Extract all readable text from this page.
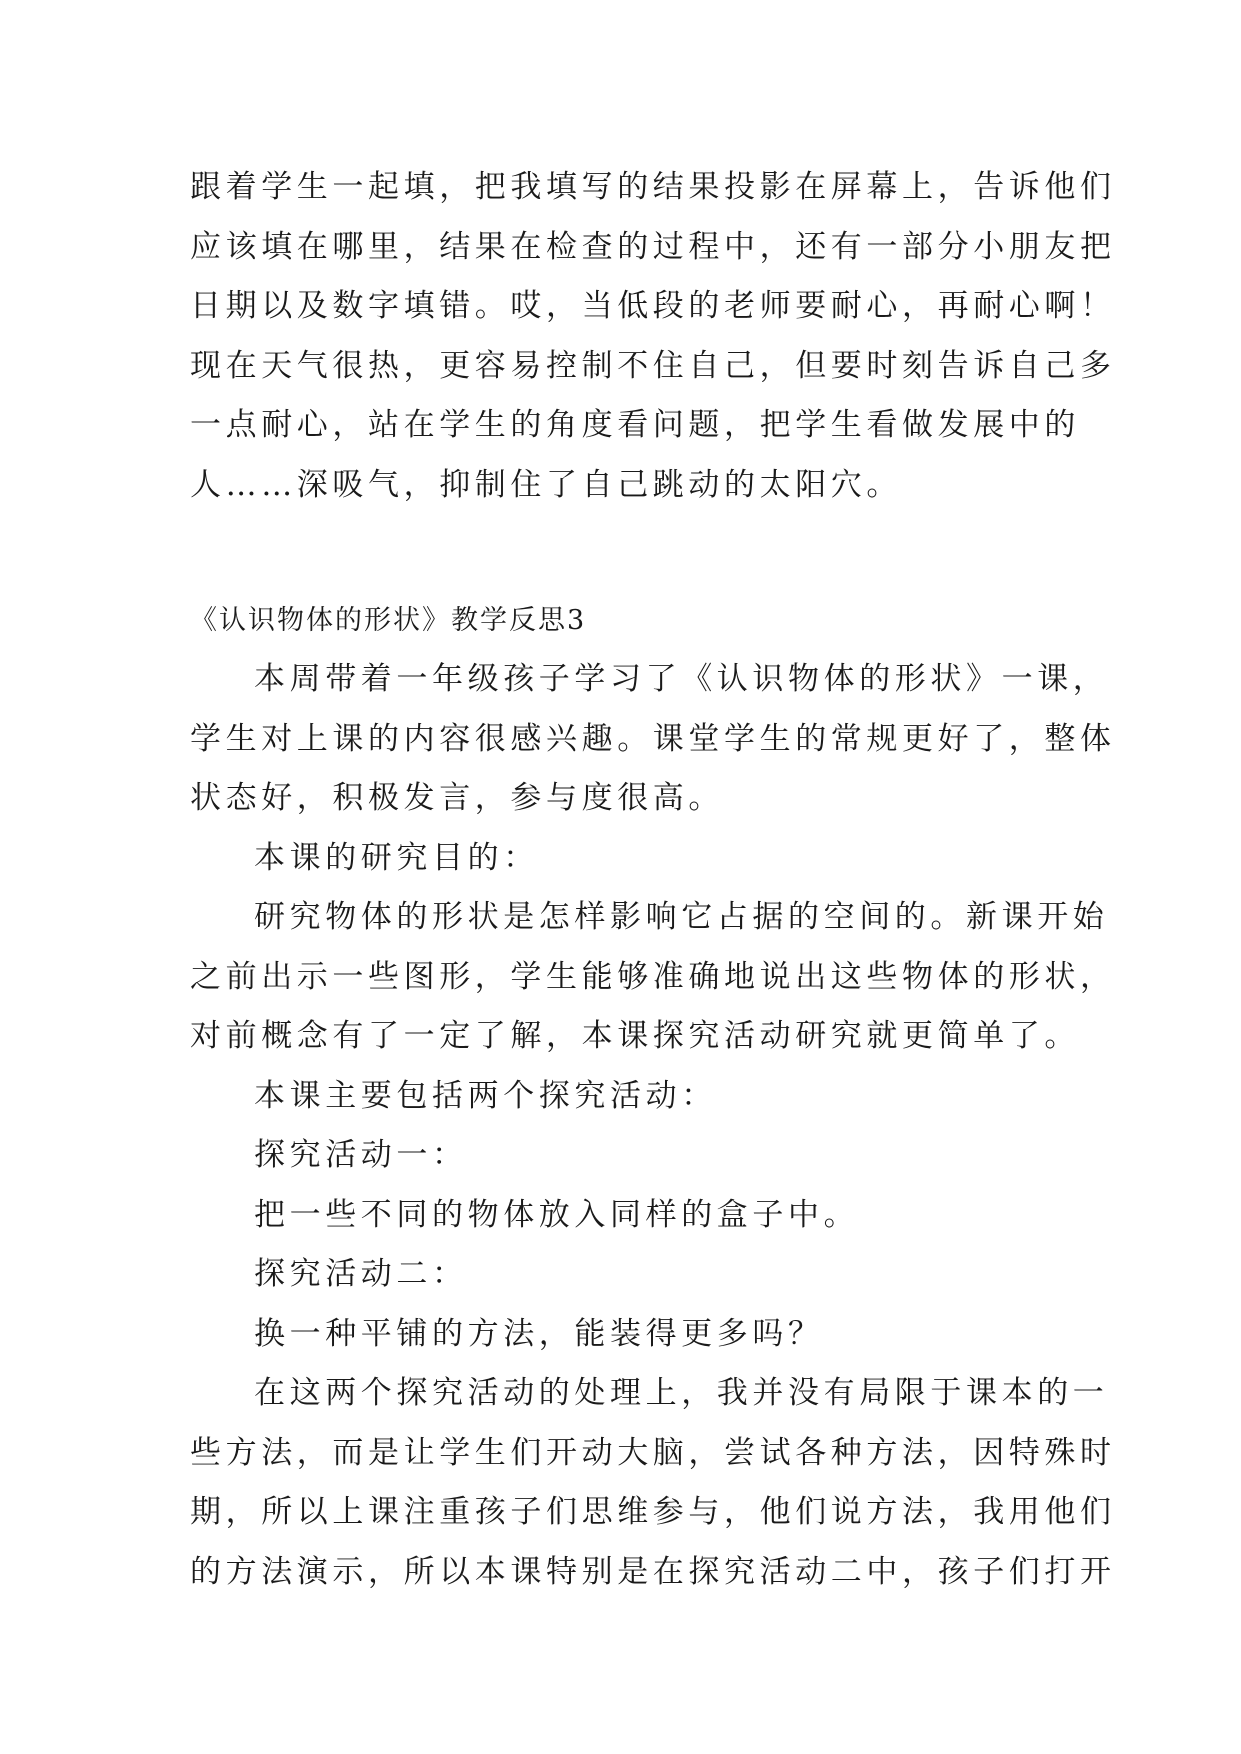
跟着学生一起填，把我填写的结果投影在屏幕上，告诉他们

应该填在哪里，结果在检查的过程中，还有一部分小朋友把

日期以及数字填错。哎，当低段的老师要耐心，再耐心啊！

现在天气很热，更容易控制不住自己，但要时刻告诉自己多

一点耐心，站在学生的角度看问题，把学生看做发展中的

人……深吸气，抑制住了自己跳动的太阳穴。

《认识物体的形状》教学反思3

本周带着一年级孩子学习了《认识物体的形状》一课，

学生对上课的内容很感兴趣。课堂学生的常规更好了，整体

状态好，积极发言，参与度很高。

本课的研究目的：

研究物体的形状是怎样影响它占据的空间的。新课开始

之前出示一些图形，学生能够准确地说出这些物体的形状，

对前概念有了一定了解，本课探究活动研究就更简单了。

本课主要包括两个探究活动：

探究活动一：

把一些不同的物体放入同样的盒子中。

探究活动二：

换一种平铺的方法，能装得更多吗？

在这两个探究活动的处理上，我并没有局限于课本的一

些方法，而是让学生们开动大脑，尝试各种方法，因特殊时

期，所以上课注重孩子们思维参与，他们说方法，我用他们

的方法演示，所以本课特别是在探究活动二中，孩子们打开
